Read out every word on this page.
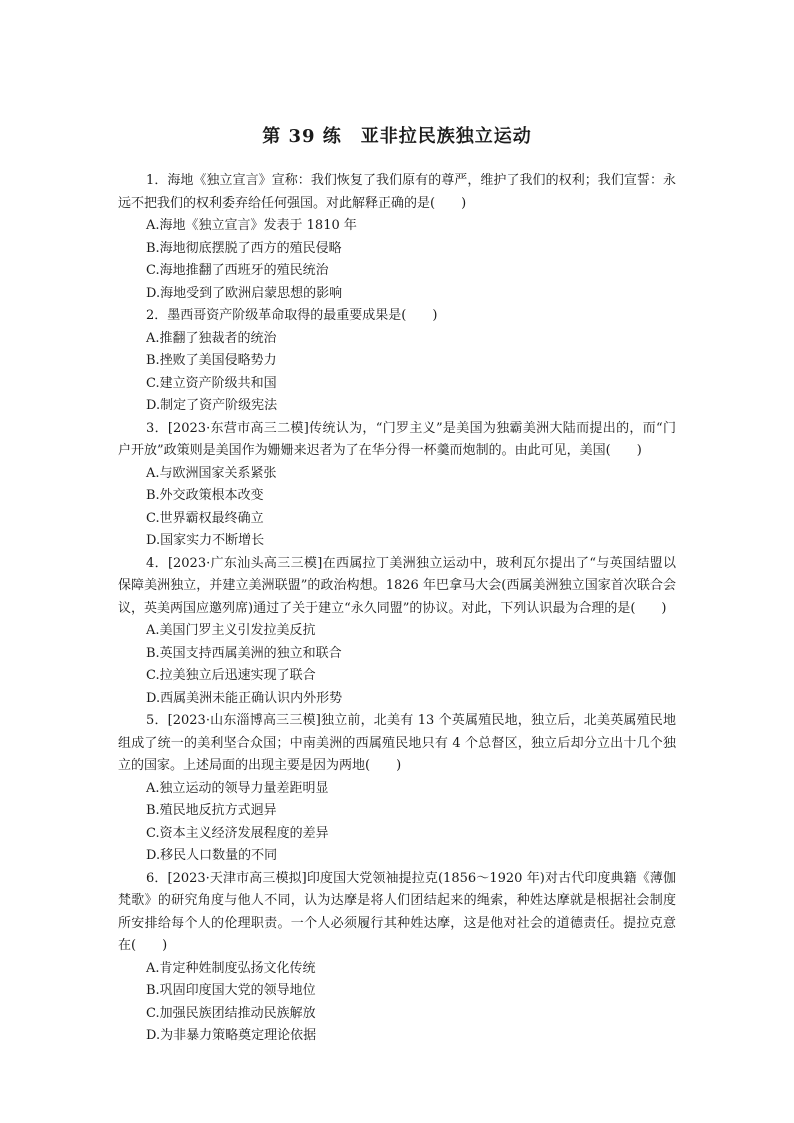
第 39 练　亚非拉民族独立运动

1．海地《独立宣言》宣称：我们恢复了我们原有的尊严，维护了我们的权利；我们宣誓：永远不把我们的权利委弃给任何强国。对此解释正确的是(　　)

A.海地《独立宣言》发表于 1810 年
B.海地彻底摆脱了西方的殖民侵略
C.海地推翻了西班牙的殖民统治
D.海地受到了欧洲启蒙思想的影响

2．墨西哥资产阶级革命取得的最重要成果是(　　)

A.推翻了独裁者的统治
B.挫败了美国侵略势力
C.建立资产阶级共和国
D.制定了资产阶级宪法

3．[2023·东营市高三二模]传统认为，“门罗主义”是美国为独霸美洲大陆而提出的，而“门户开放”政策则是美国作为姗姗来迟者为了在华分得一杯羹而炮制的。由此可见，美国(　　)

A.与欧洲国家关系紧张
B.外交政策根本改变
C.世界霸权最终确立
D.国家实力不断增长

4．[2023·广东汕头高三三模]在西属拉丁美洲独立运动中，玻利瓦尔提出了“与英国结盟以保障美洲独立，并建立美洲联盟”的政治构想。1826 年巴拿马大会(西属美洲独立国家首次联合会议，英美两国应邀列席)通过了关于建立“永久同盟”的协议。对此，下列认识最为合理的是(　　)

A.美国门罗主义引发拉美反抗
B.英国支持西属美洲的独立和联合
C.拉美独立后迅速实现了联合
D.西属美洲未能正确认识内外形势

5．[2023·山东淄博高三三模]独立前，北美有 13 个英属殖民地，独立后，北美英属殖民地组成了统一的美利坚合众国；中南美洲的西属殖民地只有 4 个总督区，独立后却分立出十几个独立的国家。上述局面的出现主要是因为两地(　　)

A.独立运动的领导力量差距明显
B.殖民地反抗方式迥异
C.资本主义经济发展程度的差异
D.移民人口数量的不同

6．[2023·天津市高三模拟]印度国大党领袖提拉克(1856～1920 年)对古代印度典籍《薄伽梵歌》的研究角度与他人不同，认为达摩是将人们团结起来的绳索，种姓达摩就是根据社会制度所安排给每个人的伦理职责。一个人必须履行其种姓达摩，这是他对社会的道德责任。提拉克意在(　　)

A.肯定种姓制度弘扬文化传统
B.巩固印度国大党的领导地位
C.加强民族团结推动民族解放
D.为非暴力策略奠定理论依据
